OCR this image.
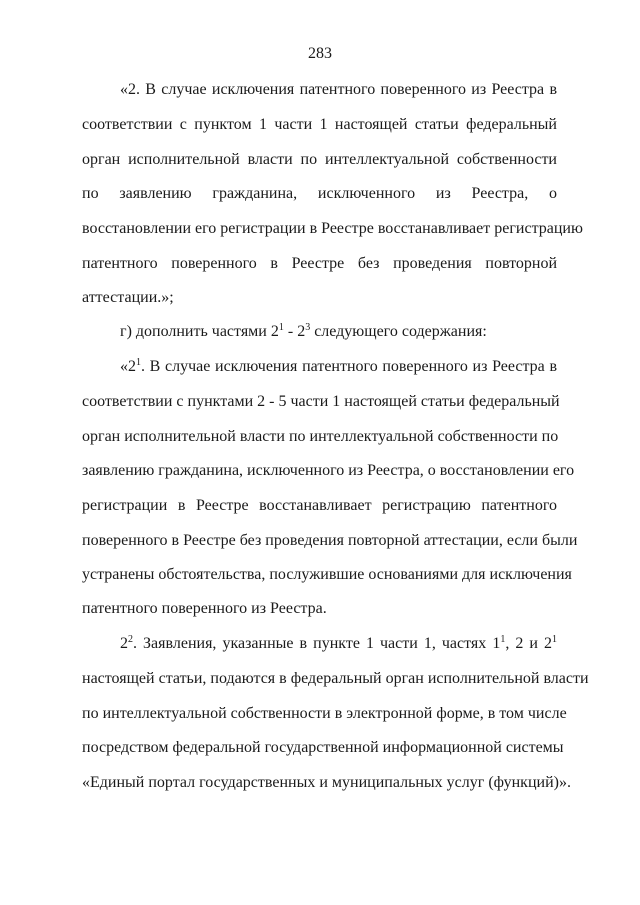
283
«2. В случае исключения патентного поверенного из Реестра в
соответствии с пунктом 1 части 1 настоящей статьи федеральный
орган исполнительной власти по интеллектуальной собственности
по заявлению гражданина, исключенного из Реестра, о
восстановлении его регистрации в Реестре восстанавливает регистрацию
патентного поверенного в Реестре без проведения повторной
аттестации.»;
г) дополнить частями $2^1 - 2^3$ следующего содержания:
«$2^1$. В случае исключения патентного поверенного из Реестра в
соответствии с пунктами 2 - 5 части 1 настоящей статьи федеральный
орган исполнительной власти по интеллектуальной собственности по
заявлению гражданина, исключенного из Реестра, о восстановлении его
регистрации в Реестре восстанавливает регистрацию патентного
поверенного в Реестре без проведения повторной аттестации, если были
устранены обстоятельства, послужившие основаниями для исключения
патентного поверенного из Реестра.
$2^2$. Заявления, указанные в пункте 1 части 1, частях $1^1$, 2 и $2^1$
настоящей статьи, подаются в федеральный орган исполнительной власти
по интеллектуальной собственности в электронной форме, в том числе
посредством федеральной государственной информационной системы
«Единый портал государственных и муниципальных услуг (функций)».
